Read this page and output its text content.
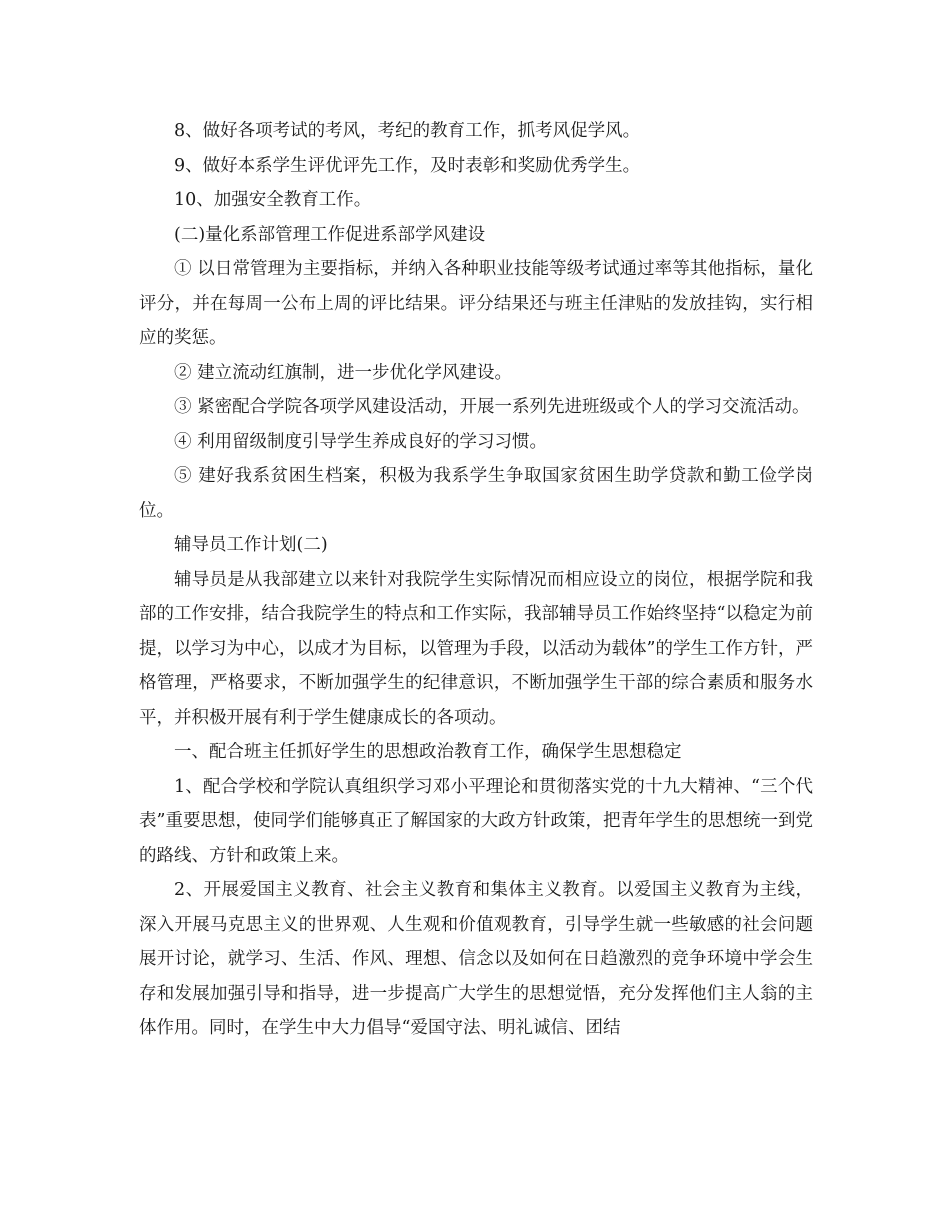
8、做好各项考试的考风，考纪的教育工作，抓考风促学风。

9、做好本系学生评优评先工作，及时表彰和奖励优秀学生。

10、加强安全教育工作。

(二)量化系部管理工作促进系部学风建设

① 以日常管理为主要指标，并纳入各种职业技能等级考试通过率等其他指标，量化评分，并在每周一公布上周的评比结果。评分结果还与班主任津贴的发放挂钩，实行相应的奖惩。

② 建立流动红旗制，进一步优化学风建设。

③ 紧密配合学院各项学风建设活动，开展一系列先进班级或个人的学习交流活动。

④ 利用留级制度引导学生养成良好的学习习惯。

⑤ 建好我系贫困生档案，积极为我系学生争取国家贫困生助学贷款和勤工俭学岗位。

辅导员工作计划(二)

辅导员是从我部建立以来针对我院学生实际情况而相应设立的岗位，根据学院和我部的工作安排，结合我院学生的特点和工作实际，我部辅导员工作始终坚持“以稳定为前提，以学习为中心，以成才为目标，以管理为手段，以活动为载体”的学生工作方针，严格管理，严格要求，不断加强学生的纪律意识，不断加强学生干部的综合素质和服务水平，并积极开展有利于学生健康成长的各项动。

一、配合班主任抓好学生的思想政治教育工作，确保学生思想稳定

1、配合学校和学院认真组织学习邓小平理论和贯彻落实党的十九大精神、“三个代表”重要思想，使同学们能够真正了解国家的大政方针政策，把青年学生的思想统一到党的路线、方针和政策上来。

2、开展爱国主义教育、社会主义教育和集体主义教育。以爱国主义教育为主线，深入开展马克思主义的世界观、人生观和价值观教育，引导学生就一些敏感的社会问题展开讨论，就学习、生活、作风、理想、信念以及如何在日趋激烈的竞争环境中学会生存和发展加强引导和指导，进一步提高广大学生的思想觉悟，充分发挥他们主人翁的主体作用。同时，在学生中大力倡导“爱国守法、明礼诚信、团结
